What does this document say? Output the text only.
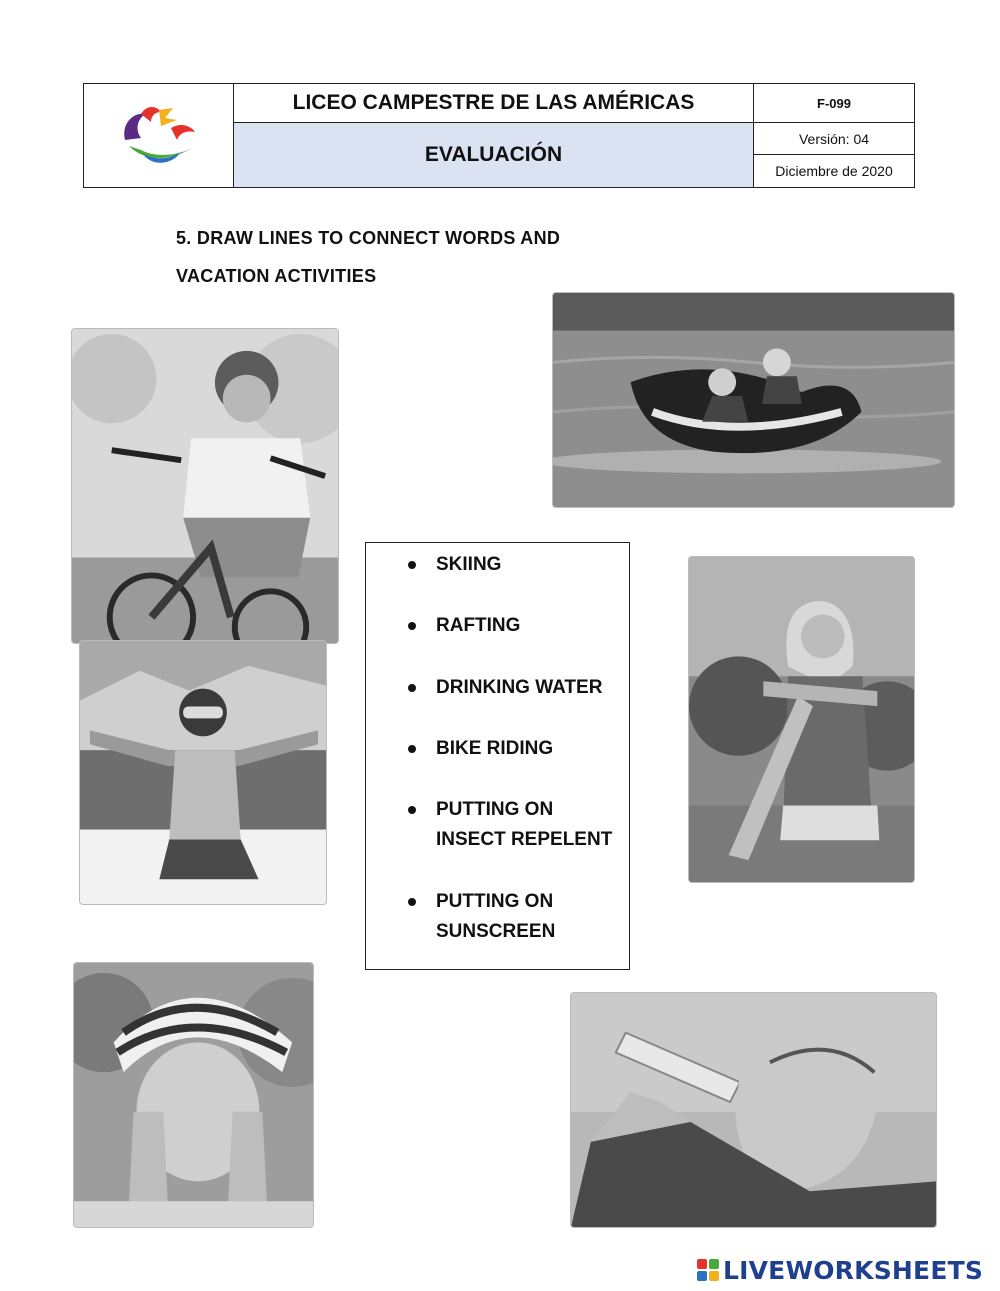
LICEO CAMPESTRE DE LAS AMÉRICAS
EVALUACIÓN
F-099
Versión: 04
Diciembre de 2020
5. DRAW LINES TO CONNECT WORDS AND
VACATION ACTIVITIES
SKIING
RAFTING
DRINKING WATER
BIKE RIDING
PUTTING ON INSECT REPELENT
PUTTING ON SUNSCREEN
LIVEWORKSHEETS
